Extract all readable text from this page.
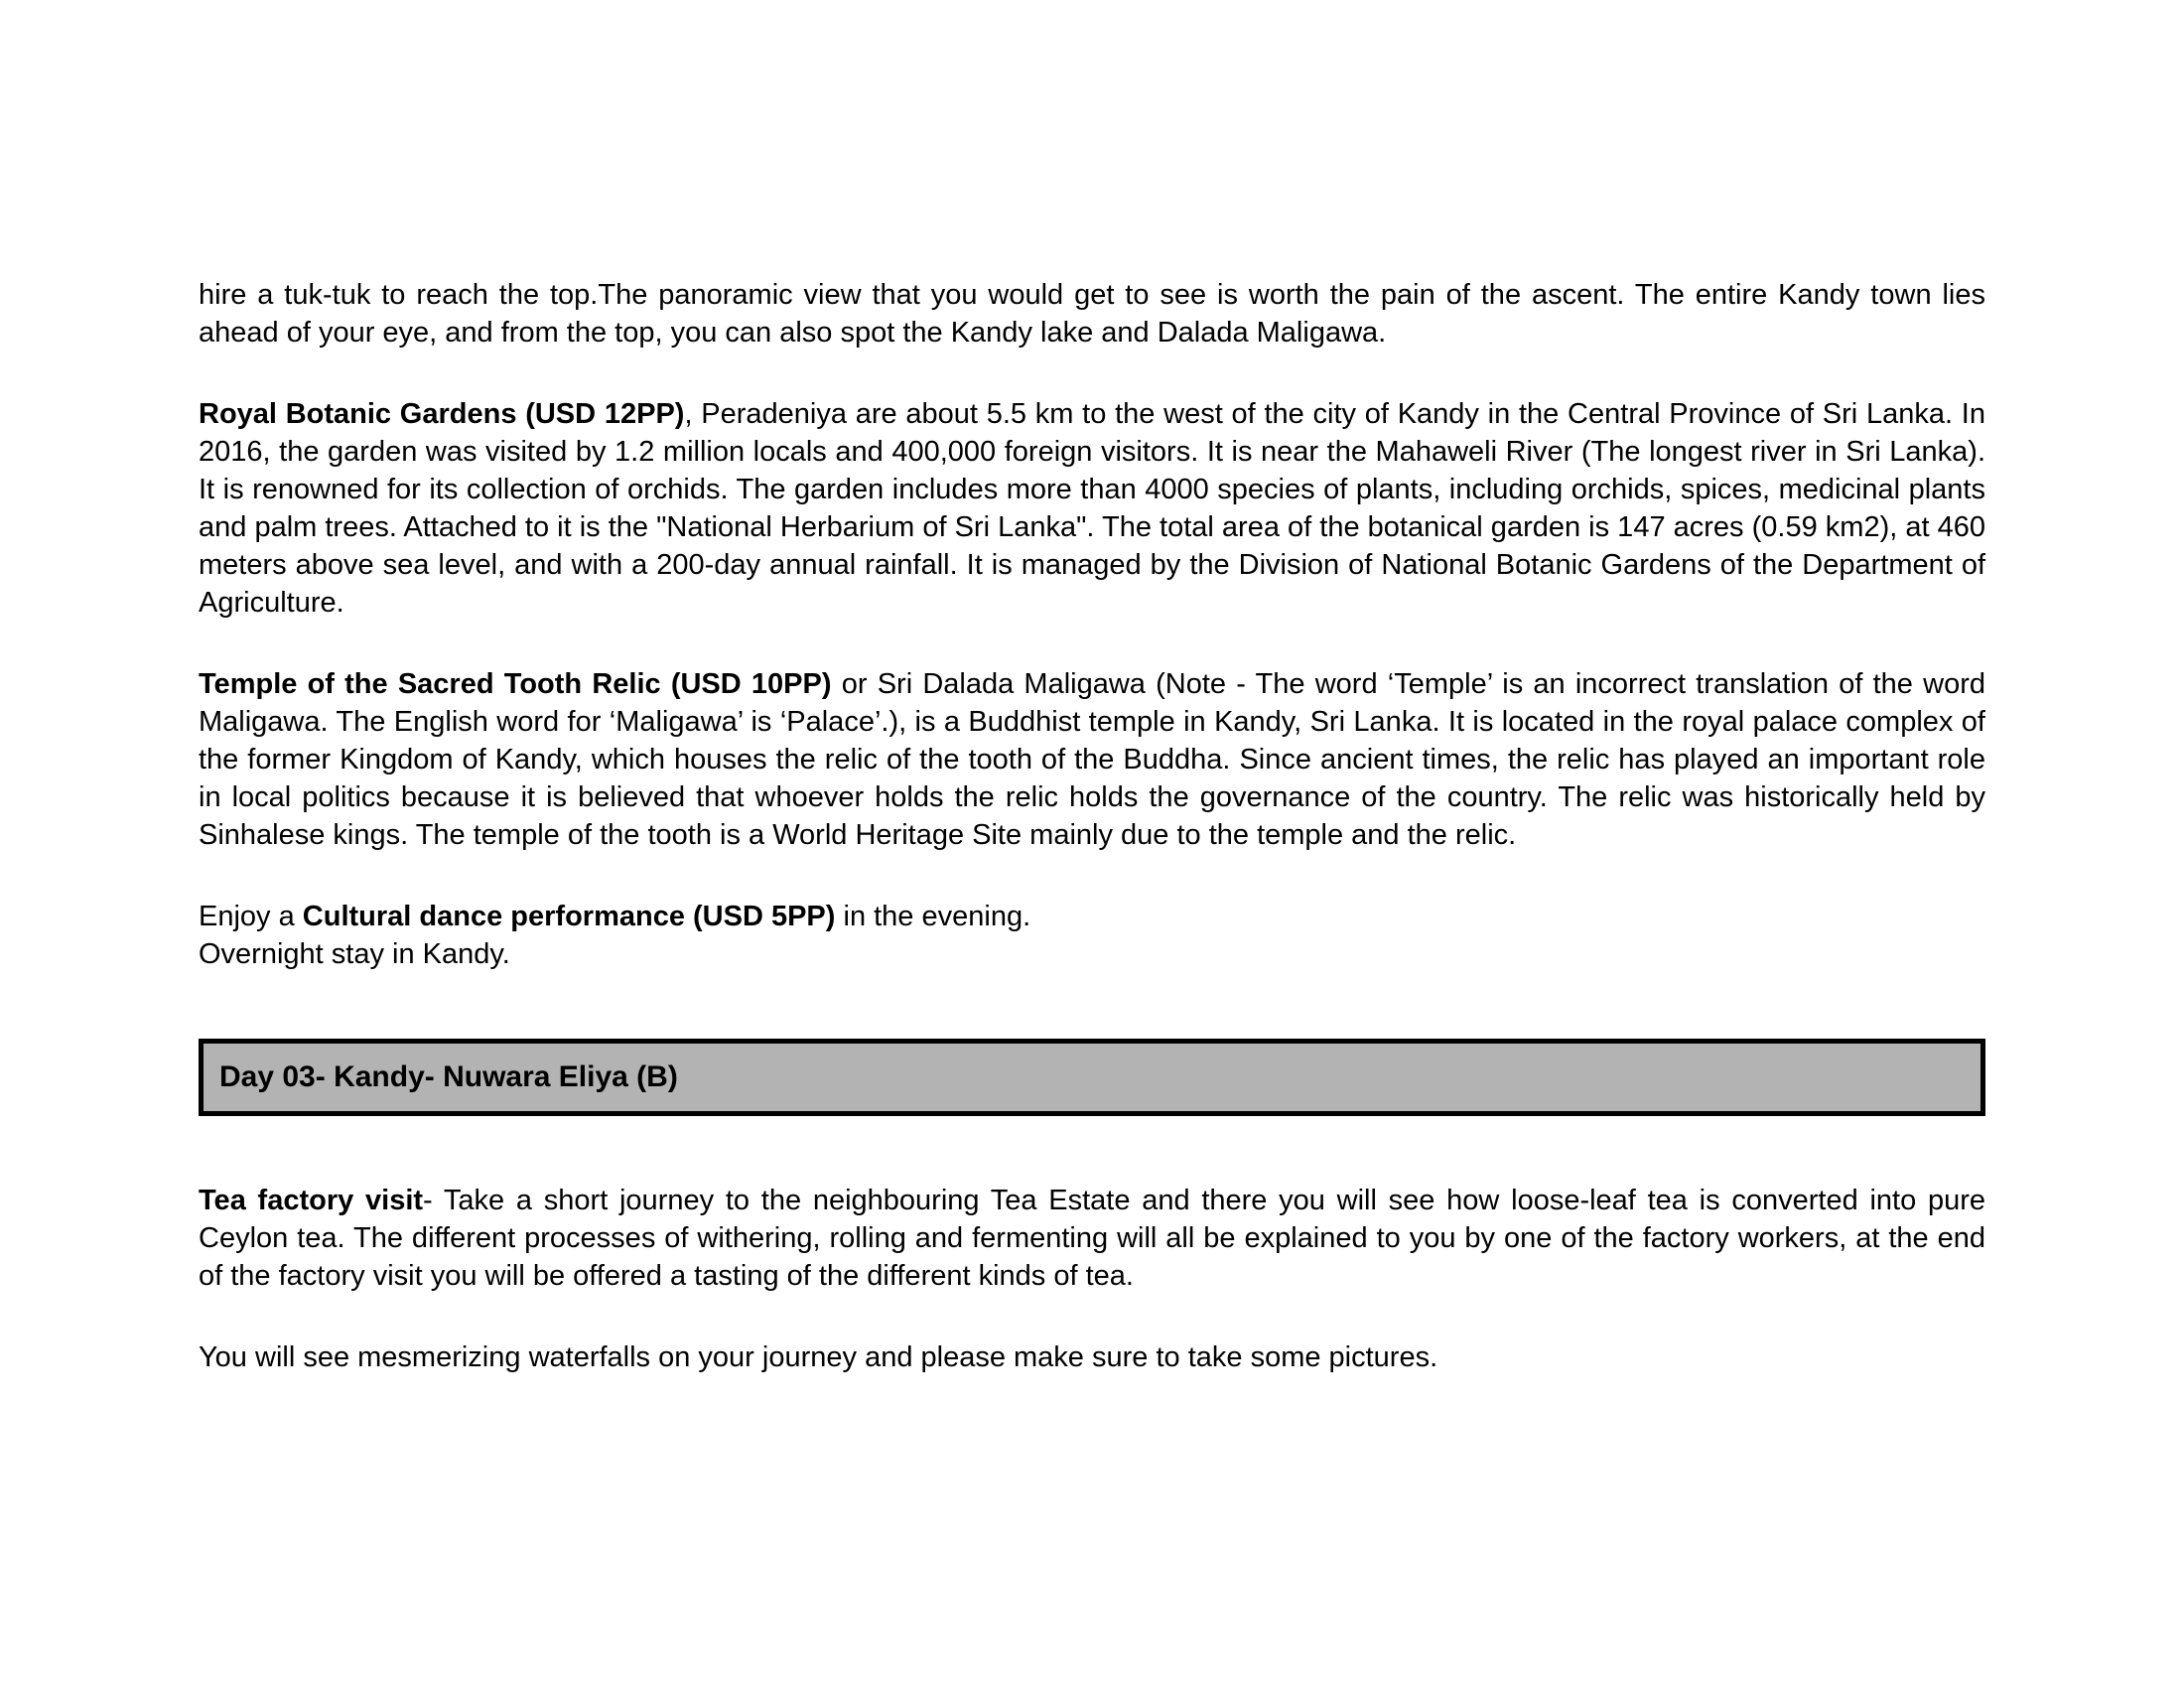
hire a tuk-tuk to reach the top.The panoramic view that you would get to see is worth the pain of the ascent. The entire Kandy town lies ahead of your eye, and from the top, you can also spot the Kandy lake and Dalada Maligawa.

Royal Botanic Gardens (USD 12PP), Peradeniya are about 5.5 km to the west of the city of Kandy in the Central Province of Sri Lanka. In 2016, the garden was visited by 1.2 million locals and 400,000 foreign visitors. It is near the Mahaweli River (The longest river in Sri Lanka). It is renowned for its collection of orchids. The garden includes more than 4000 species of plants, including orchids, spices, medicinal plants and palm trees. Attached to it is the "National Herbarium of Sri Lanka". The total area of the botanical garden is 147 acres (0.59 km2), at 460 meters above sea level, and with a 200-day annual rainfall. It is managed by the Division of National Botanic Gardens of the Department of Agriculture.

Temple of the Sacred Tooth Relic (USD 10PP) or Sri Dalada Maligawa (Note - The word ‘Temple’ is an incorrect translation of the word Maligawa. The English word for ‘Maligawa’ is ‘Palace’.), is a Buddhist temple in Kandy, Sri Lanka. It is located in the royal palace complex of the former Kingdom of Kandy, which houses the relic of the tooth of the Buddha. Since ancient times, the relic has played an important role in local politics because it is believed that whoever holds the relic holds the governance of the country. The relic was historically held by Sinhalese kings. The temple of the tooth is a World Heritage Site mainly due to the temple and the relic.

Enjoy a Cultural dance performance (USD 5PP) in the evening.

Overnight stay in Kandy.

Day 03- Kandy- Nuwara Eliya (B)

Tea factory visit- Take a short journey to the neighbouring Tea Estate and there you will see how loose-leaf tea is converted into pure Ceylon tea. The different processes of withering, rolling and fermenting will all be explained to you by one of the factory workers, at the end of the factory visit you will be offered a tasting of the different kinds of tea.

You will see mesmerizing waterfalls on your journey and please make sure to take some pictures.
